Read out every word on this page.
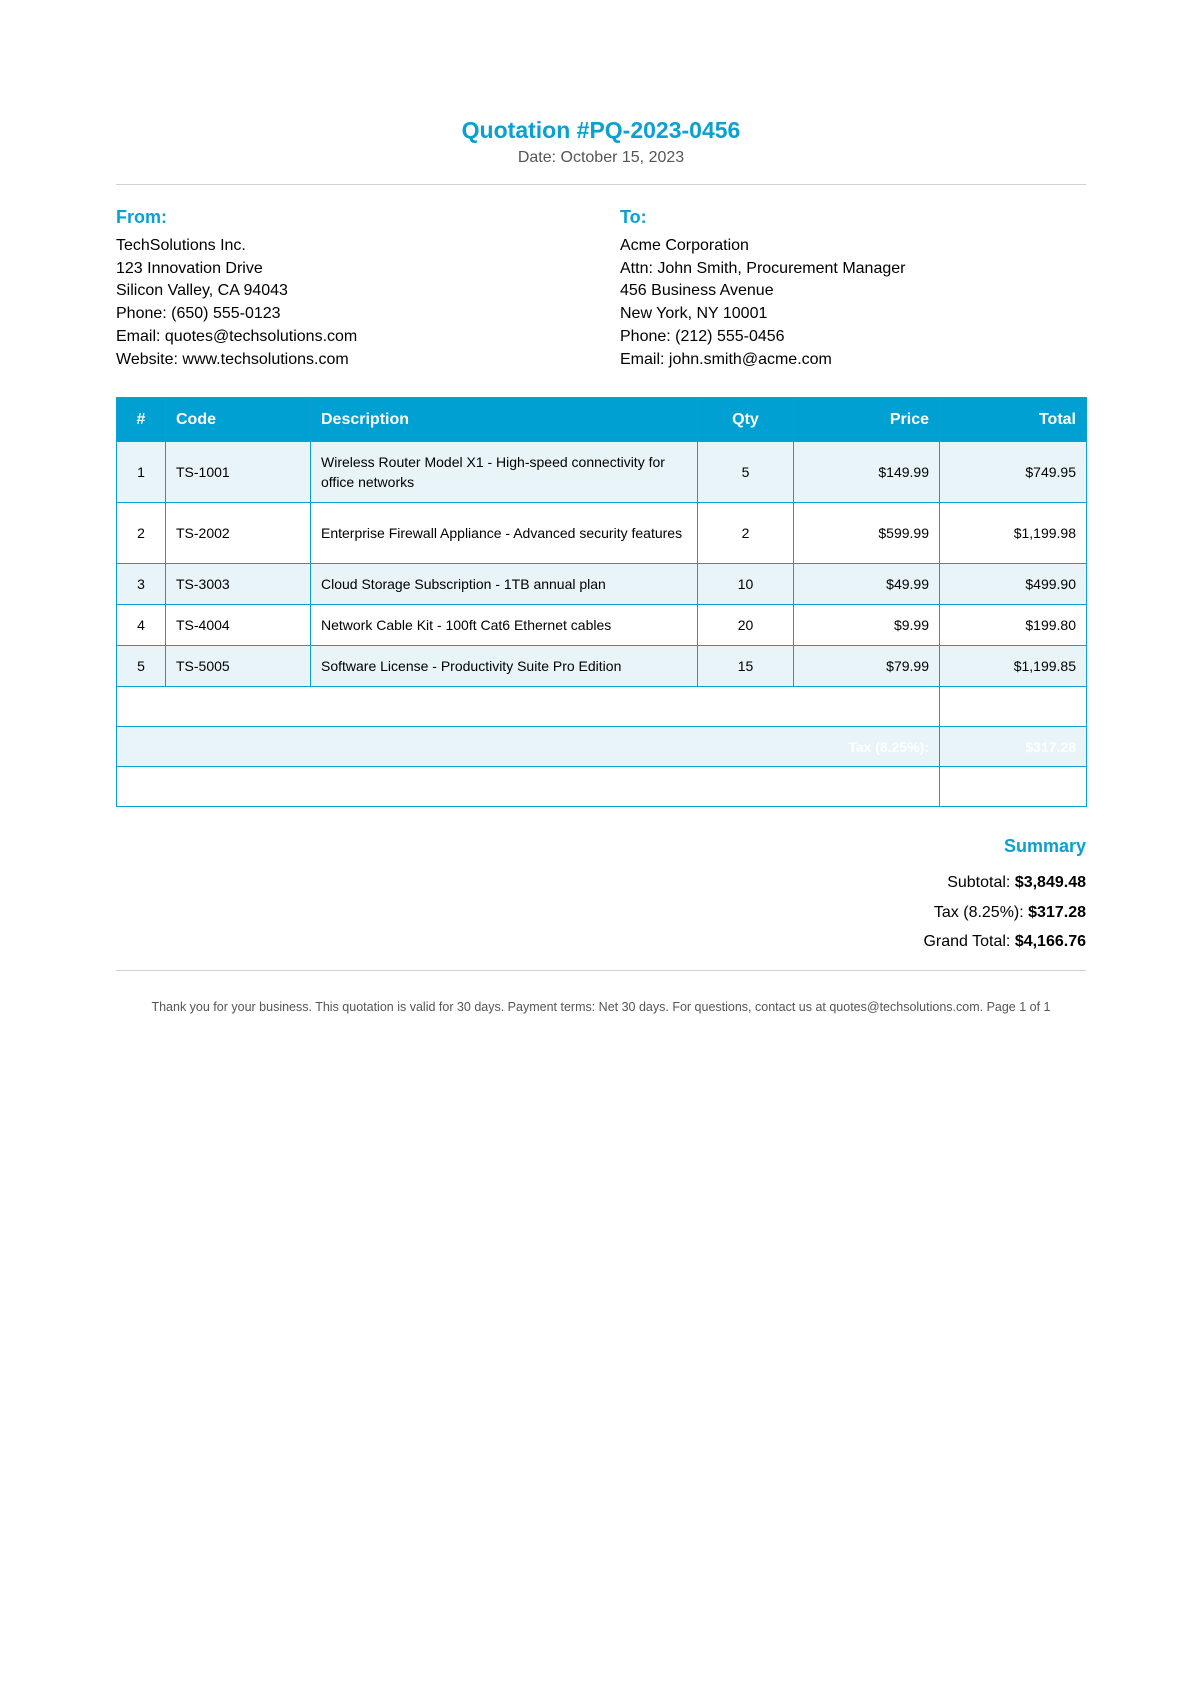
Quotation #PQ-2023-0456
Date: October 15, 2023
From:
TechSolutions Inc.
123 Innovation Drive
Silicon Valley, CA 94043
Phone: (650) 555-0123
Email: quotes@techsolutions.com
Website: www.techsolutions.com
To:
Acme Corporation
Attn: John Smith, Procurement Manager
456 Business Avenue
New York, NY 10001
Phone: (212) 555-0456
Email: john.smith@acme.com
#	Code	Description	Qty	Price	Total
1	TS-1001	Wireless Router Model X1 - High-speed connectivity for office networks	5	$149.99	$749.95
2	TS-2002	Enterprise Firewall Appliance - Advanced security features	2	$599.99	$1,199.98
3	TS-3003	Cloud Storage Subscription - 1TB annual plan	10	$49.99	$499.90
4	TS-4004	Network Cable Kit - 100ft Cat6 Ethernet cables	20	$9.99	$199.80
5	TS-5005	Software License - Productivity Suite Pro Edition	15	$79.99	$1,199.85

Tax (8.25%):					$317.28

Summary
Subtotal: $3,849.48
Tax (8.25%): $317.28
Grand Total: $4,166.76
Thank you for your business. This quotation is valid for 30 days. Payment terms: Net 30 days. For questions, contact us at quotes@techsolutions.com. Page 1 of 1
